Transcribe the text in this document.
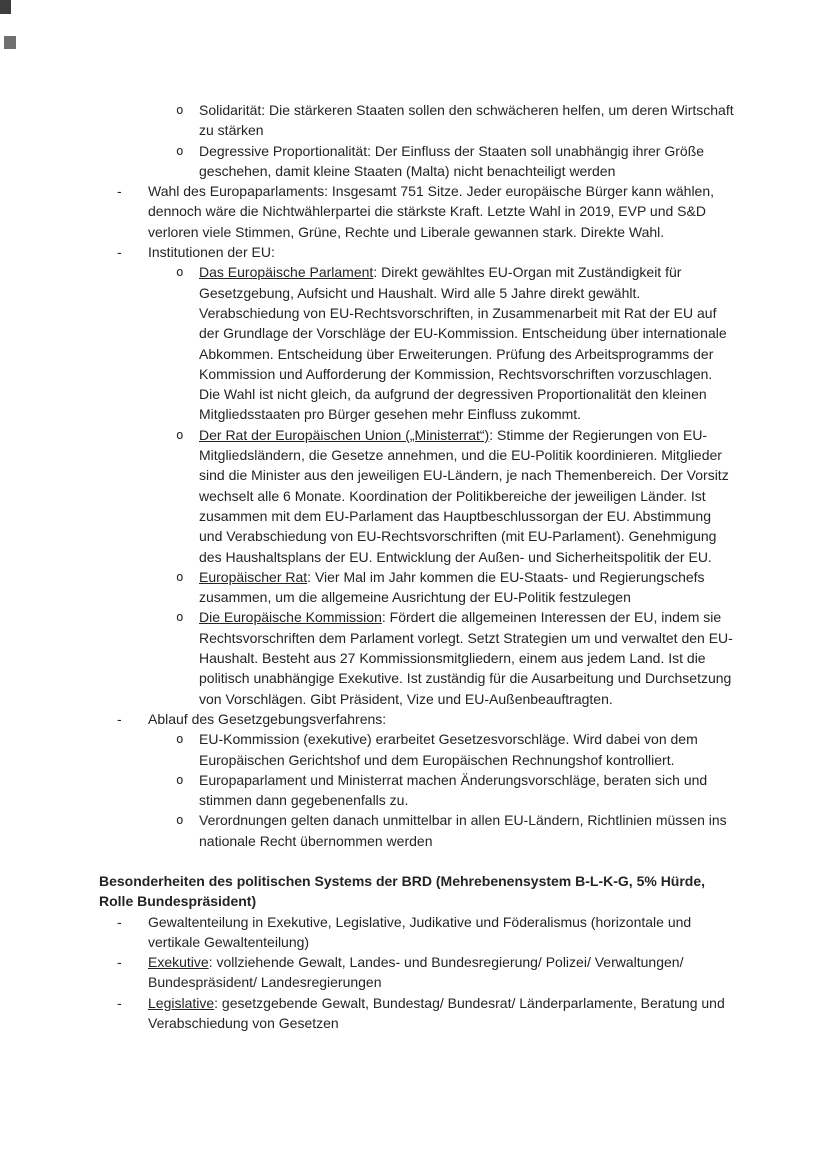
o Solidarität: Die stärkeren Staaten sollen den schwächeren helfen, um deren Wirtschaft zu stärken
o Degressive Proportionalität: Der Einfluss der Staaten soll unabhängig ihrer Größe geschehen, damit kleine Staaten (Malta) nicht benachteiligt werden
- Wahl des Europaparlaments: Insgesamt 751 Sitze. Jeder europäische Bürger kann wählen, dennoch wäre die Nichtwählerpartei die stärkste Kraft. Letzte Wahl in 2019, EVP und S&D verloren viele Stimmen, Grüne, Rechte und Liberale gewannen stark. Direkte Wahl.
- Institutionen der EU:
o Das Europäische Parlament: Direkt gewähltes EU-Organ mit Zuständigkeit für Gesetzgebung, Aufsicht und Haushalt. Wird alle 5 Jahre direkt gewählt. Verabschiedung von EU-Rechtsvorschriften, in Zusammenarbeit mit Rat der EU auf der Grundlage der Vorschläge der EU-Kommission. Entscheidung über internationale Abkommen. Entscheidung über Erweiterungen. Prüfung des Arbeitsprogramms der Kommission und Aufforderung der Kommission, Rechtsvorschriften vorzuschlagen. Die Wahl ist nicht gleich, da aufgrund der degressiven Proportionalität den kleinen Mitgliedsstaaten pro Bürger gesehen mehr Einfluss zukommt.
o Der Rat der Europäischen Union („Ministerrat“): Stimme der Regierungen von EU-Mitgliedsländern, die Gesetze annehmen, und die EU-Politik koordinieren. Mitglieder sind die Minister aus den jeweiligen EU-Ländern, je nach Themenbereich. Der Vorsitz wechselt alle 6 Monate. Koordination der Politikbereiche der jeweiligen Länder. Ist zusammen mit dem EU-Parlament das Hauptbeschlussorgan der EU. Abstimmung und Verabschiedung von EU-Rechtsvorschriften (mit EU-Parlament). Genehmigung des Haushaltsplans der EU. Entwicklung der Außen- und Sicherheitspolitik der EU.
o Europäischer Rat: Vier Mal im Jahr kommen die EU-Staats- und Regierungschefs zusammen, um die allgemeine Ausrichtung der EU-Politik festzulegen
o Die Europäische Kommission: Fördert die allgemeinen Interessen der EU, indem sie Rechtsvorschriften dem Parlament vorlegt. Setzt Strategien um und verwaltet den EU-Haushalt. Besteht aus 27 Kommissionsmitgliedern, einem aus jedem Land. Ist die politisch unabhängige Exekutive. Ist zuständig für die Ausarbeitung und Durchsetzung von Vorschlägen. Gibt Präsident, Vize und EU-Außenbeauftragten.
- Ablauf des Gesetzgebungsverfahrens:
o EU-Kommission (exekutive) erarbeitet Gesetzesvorschläge. Wird dabei von dem Europäischen Gerichtshof und dem Europäischen Rechnungshof kontrolliert.
o Europaparlament und Ministerrat machen Änderungsvorschläge, beraten sich und stimmen dann gegebenenfalls zu.
o Verordnungen gelten danach unmittelbar in allen EU-Ländern, Richtlinien müssen ins nationale Recht übernommen werden
Besonderheiten des politischen Systems der BRD (Mehrebenensystem B-L-K-G, 5% Hürde, Rolle Bundespräsident)
- Gewaltenteilung in Exekutive, Legislative, Judikative und Föderalismus (horizontale und vertikale Gewaltenteilung)
- Exekutive: vollziehende Gewalt, Landes- und Bundesregierung/ Polizei/ Verwaltungen/ Bundespräsident/ Landesregierungen
- Legislative: gesetzgebende Gewalt, Bundestag/ Bundesrat/ Länderparlamente, Beratung und Verabschiedung von Gesetzen
